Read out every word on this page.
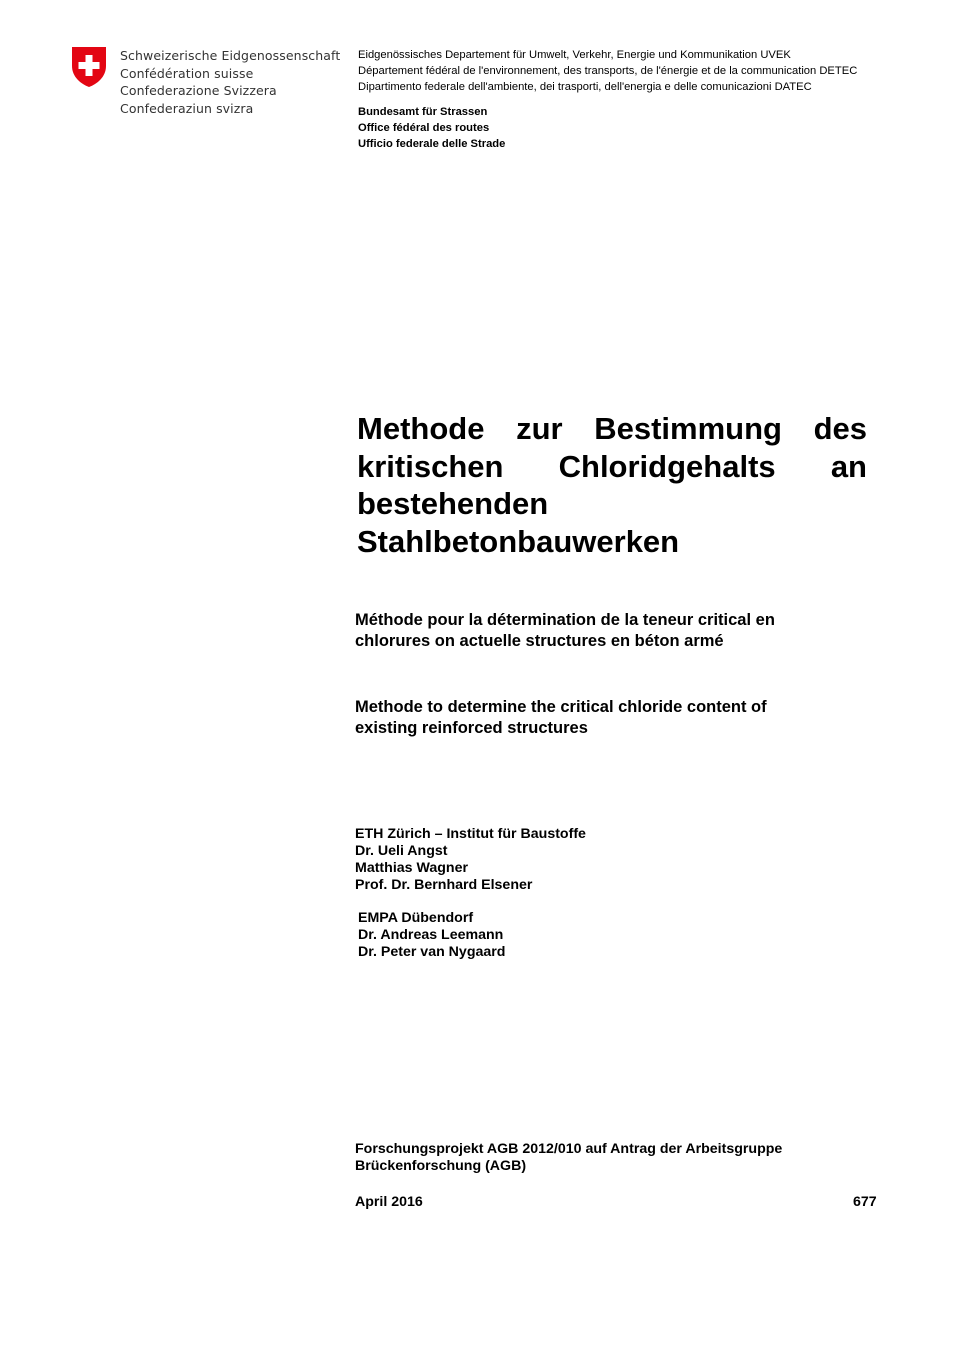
Schweizerische Eidgenossenschaft
Confédération suisse
Confederazione Svizzera
Confederaziun svizra
Eidgenössisches Departement für Umwelt, Verkehr, Energie und Kommunikation UVEK
Département fédéral de l'environnement, des transports, de l'énergie et de la communication DETEC
Dipartimento federale dell'ambiente, dei trasporti, dell'energia e delle comunicazioni DATEC
Bundesamt für Strassen
Office fédéral des routes
Ufficio federale delle Strade
Methode zur Bestimmung des
kritischen Chloridgehalts an
bestehenden
Stahlbetonbauwerken
Méthode pour la détermination de la teneur critical en
chlorures on actuelle structures en béton armé
Methode to determine the critical chloride content of
existing reinforced structures
ETH Zürich – Institut für Baustoffe
Dr. Ueli Angst
Matthias Wagner
Prof. Dr. Bernhard Elsener
EMPA Dübendorf
Dr. Andreas Leemann
Dr. Peter van Nygaard
Forschungsprojekt AGB 2012/010 auf Antrag der Arbeitsgruppe
Brückenforschung (AGB)
April 2016	677
